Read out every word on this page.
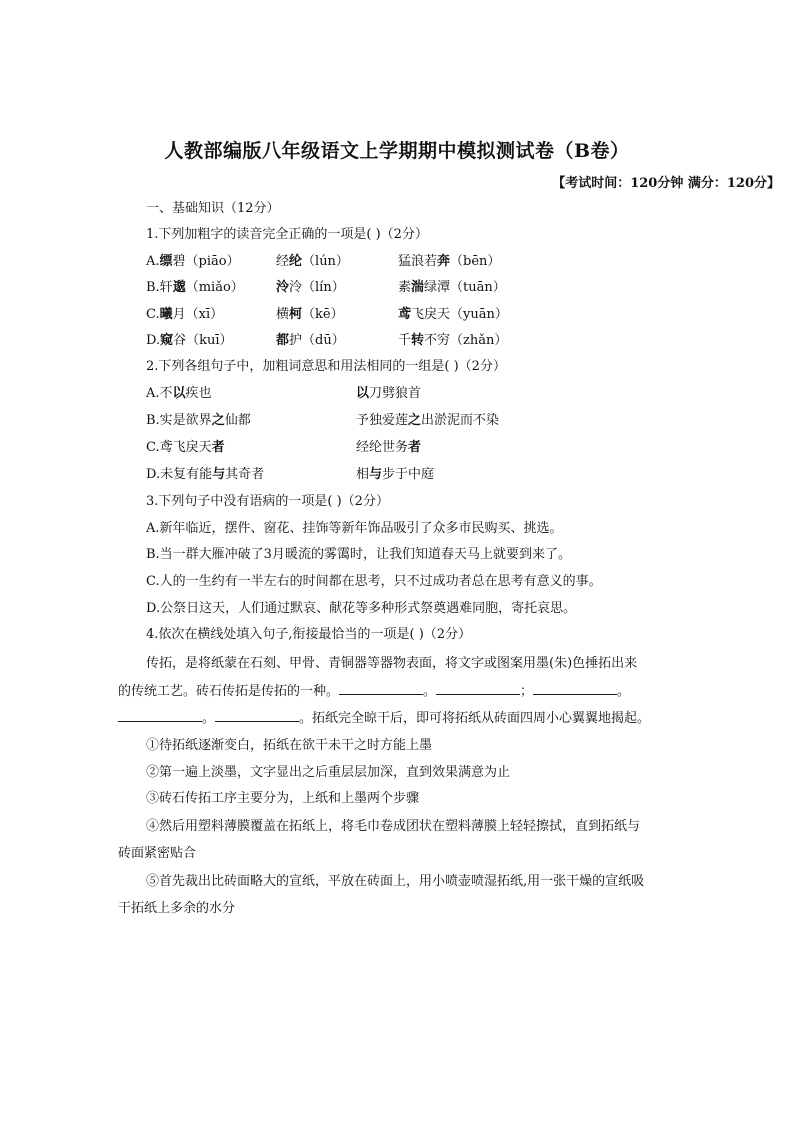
人教部编版八年级语文上学期期中模拟测试卷（B卷）
【考试时间：120分钟 满分：120分】
一、基础知识（12分）
1.下列加粗字的读音完全正确的一项是( )（2分）
A.缥碧（piāo）	经纶（lún）	猛浪若奔（bēn）
B.轩邈（miǎo） 泠泠（lín）	素湍绿潭（tuān）
C.曦月（xī）	横柯（kē）	鸢飞戾天（yuān）
D.窥谷（kuī）	都护（dū）	千转不穷（zhǎn）
2.下列各组句子中，加粗词意思和用法相同的一组是( )（2分）
A.不以疾也	以刀劈狼首
B.实是欲界之仙都	予独爱莲之出淤泥而不染
C.鸢飞戾天者	经纶世务者
D.未复有能与其奇者	相与步于中庭
3.下列句子中没有语病的一项是( )（2分）
A.新年临近，摆件、窗花、挂饰等新年饰品吸引了众多市民购买、挑选。
B.当一群大雁冲破了3月暖流的雾霭时，让我们知道春天马上就要到来了。
C.人的一生约有一半左右的时间都在思考，只不过成功者总在思考有意义的事。
D.公祭日这天，人们通过默哀、献花等多种形式祭奠遇难同胞，寄托哀思。
4.依次在横线处填入句子,衔接最恰当的一项是( )（2分）
传拓，是将纸蒙在石刻、甲骨、青铜器等器物表面，将文字或图案用墨(朱)色捶拓出来
的传统工艺。砖石传拓是传拓的一种。	。	；	。
。	。拓纸完全晾干后，即可将拓纸从砖面四周小心翼翼地揭起。
①待拓纸逐渐变白，拓纸在欲干未干之时方能上墨
②第一遍上淡墨，文字显出之后重层层加深，直到效果满意为止
③砖石传拓工序主要分为，上纸和上墨两个步骤
④然后用塑料薄膜覆盖在拓纸上，将毛巾卷成团状在塑料薄膜上轻轻擦拭，直到拓纸与
砖面紧密贴合
⑤首先裁出比砖面略大的宣纸，平放在砖面上，用小喷壶喷湿拓纸,用一张干燥的宣纸吸
干拓纸上多余的水分
